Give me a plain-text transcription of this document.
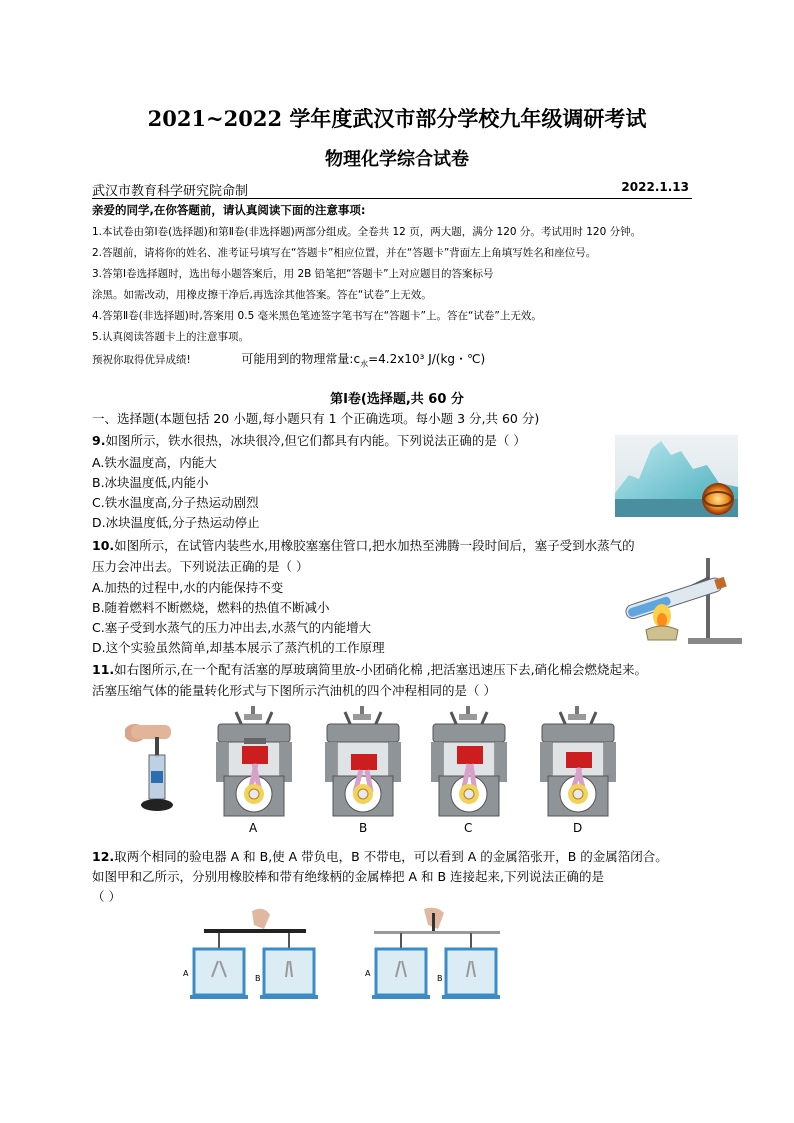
2021~2022 学年度武汉市部分学校九年级调研考试
物理化学综合试卷
武汉市教育科学研究院命制	2022.1.13
亲爱的同学,在你答题前，请认真阅读下面的注意事项:
1.本试卷由第Ⅰ卷(选择题)和第Ⅱ卷(非选择题)两部分组成。全卷共 12 页，两大题，满分 120 分。考试用时 120 分钟。
2.答题前，请将你的姓名、准考证号填写在“答题卡”相应位置，并在“答题卡”背面左上角填写姓名和座位号。
3.答第Ⅰ卷选择题时，选出每小题答案后，用 2B 铅笔把“答题卡”上对应题目的答案标号
涂黑。如需改动，用橡皮擦干净后,再选涂其他答案。答在“试卷”上无效。
4.答第Ⅱ卷(非选择题)时,答案用 0.5 毫米黑色笔迹签字笔书写在“答题卡”上。答在“试卷”上无效。
5.认真阅读答题卡上的注意事项。
预祝你取得优异成绩!	可能用到的物理常量$:c_水=4.2x10^3$ J/(kg・℃)
第Ⅰ卷(选择题,共 60 分
一、选择题(本题包括 20 小题,每小题只有 1 个正确选项。每小题 3 分,共 60 分)
9.如图所示，铁水很热，冰块很冷,但它们都具有内能。下列说法正确的是（ ）
A.铁水温度高，内能大
B.冰块温度低,内能小
C.铁水温度高,分子热运动剧烈
D.冰块温度低,分子热运动停止
10.如图所示，在试管内装些水,用橡胶塞塞住管口,把水加热至沸腾一段时间后，塞子受到水蒸气的
压力会冲出去。下列说法正确的是（ ）
A.加热的过程中,水的内能保持不变
B.随着燃料不断燃烧，燃料的热值不断减小
C.塞子受到水蒸气的压力冲出去,水蒸气的内能增大
D.这个实验虽然简单,却基本展示了蒸汽机的工作原理
11.如右图所示,在一个配有活塞的厚玻璃简里放-小团硝化棉 ,把活塞迅速压下去,硝化棉会燃烧起来。
活塞压缩气体的能量转化形式与下图所示汽油机的四个冲程相同的是（ ）
A	B	C	D
12.取两个相同的验电器 A 和 B,使 A 带负电，B 不带电，可以看到 A 的金属箔张开，B 的金属箔闭合。
如图甲和乙所示，分别用橡胶棒和带有绝缘柄的金属棒把 A 和 B 连接起来,下列说法正确的是
（ ）
A
B
A
B
